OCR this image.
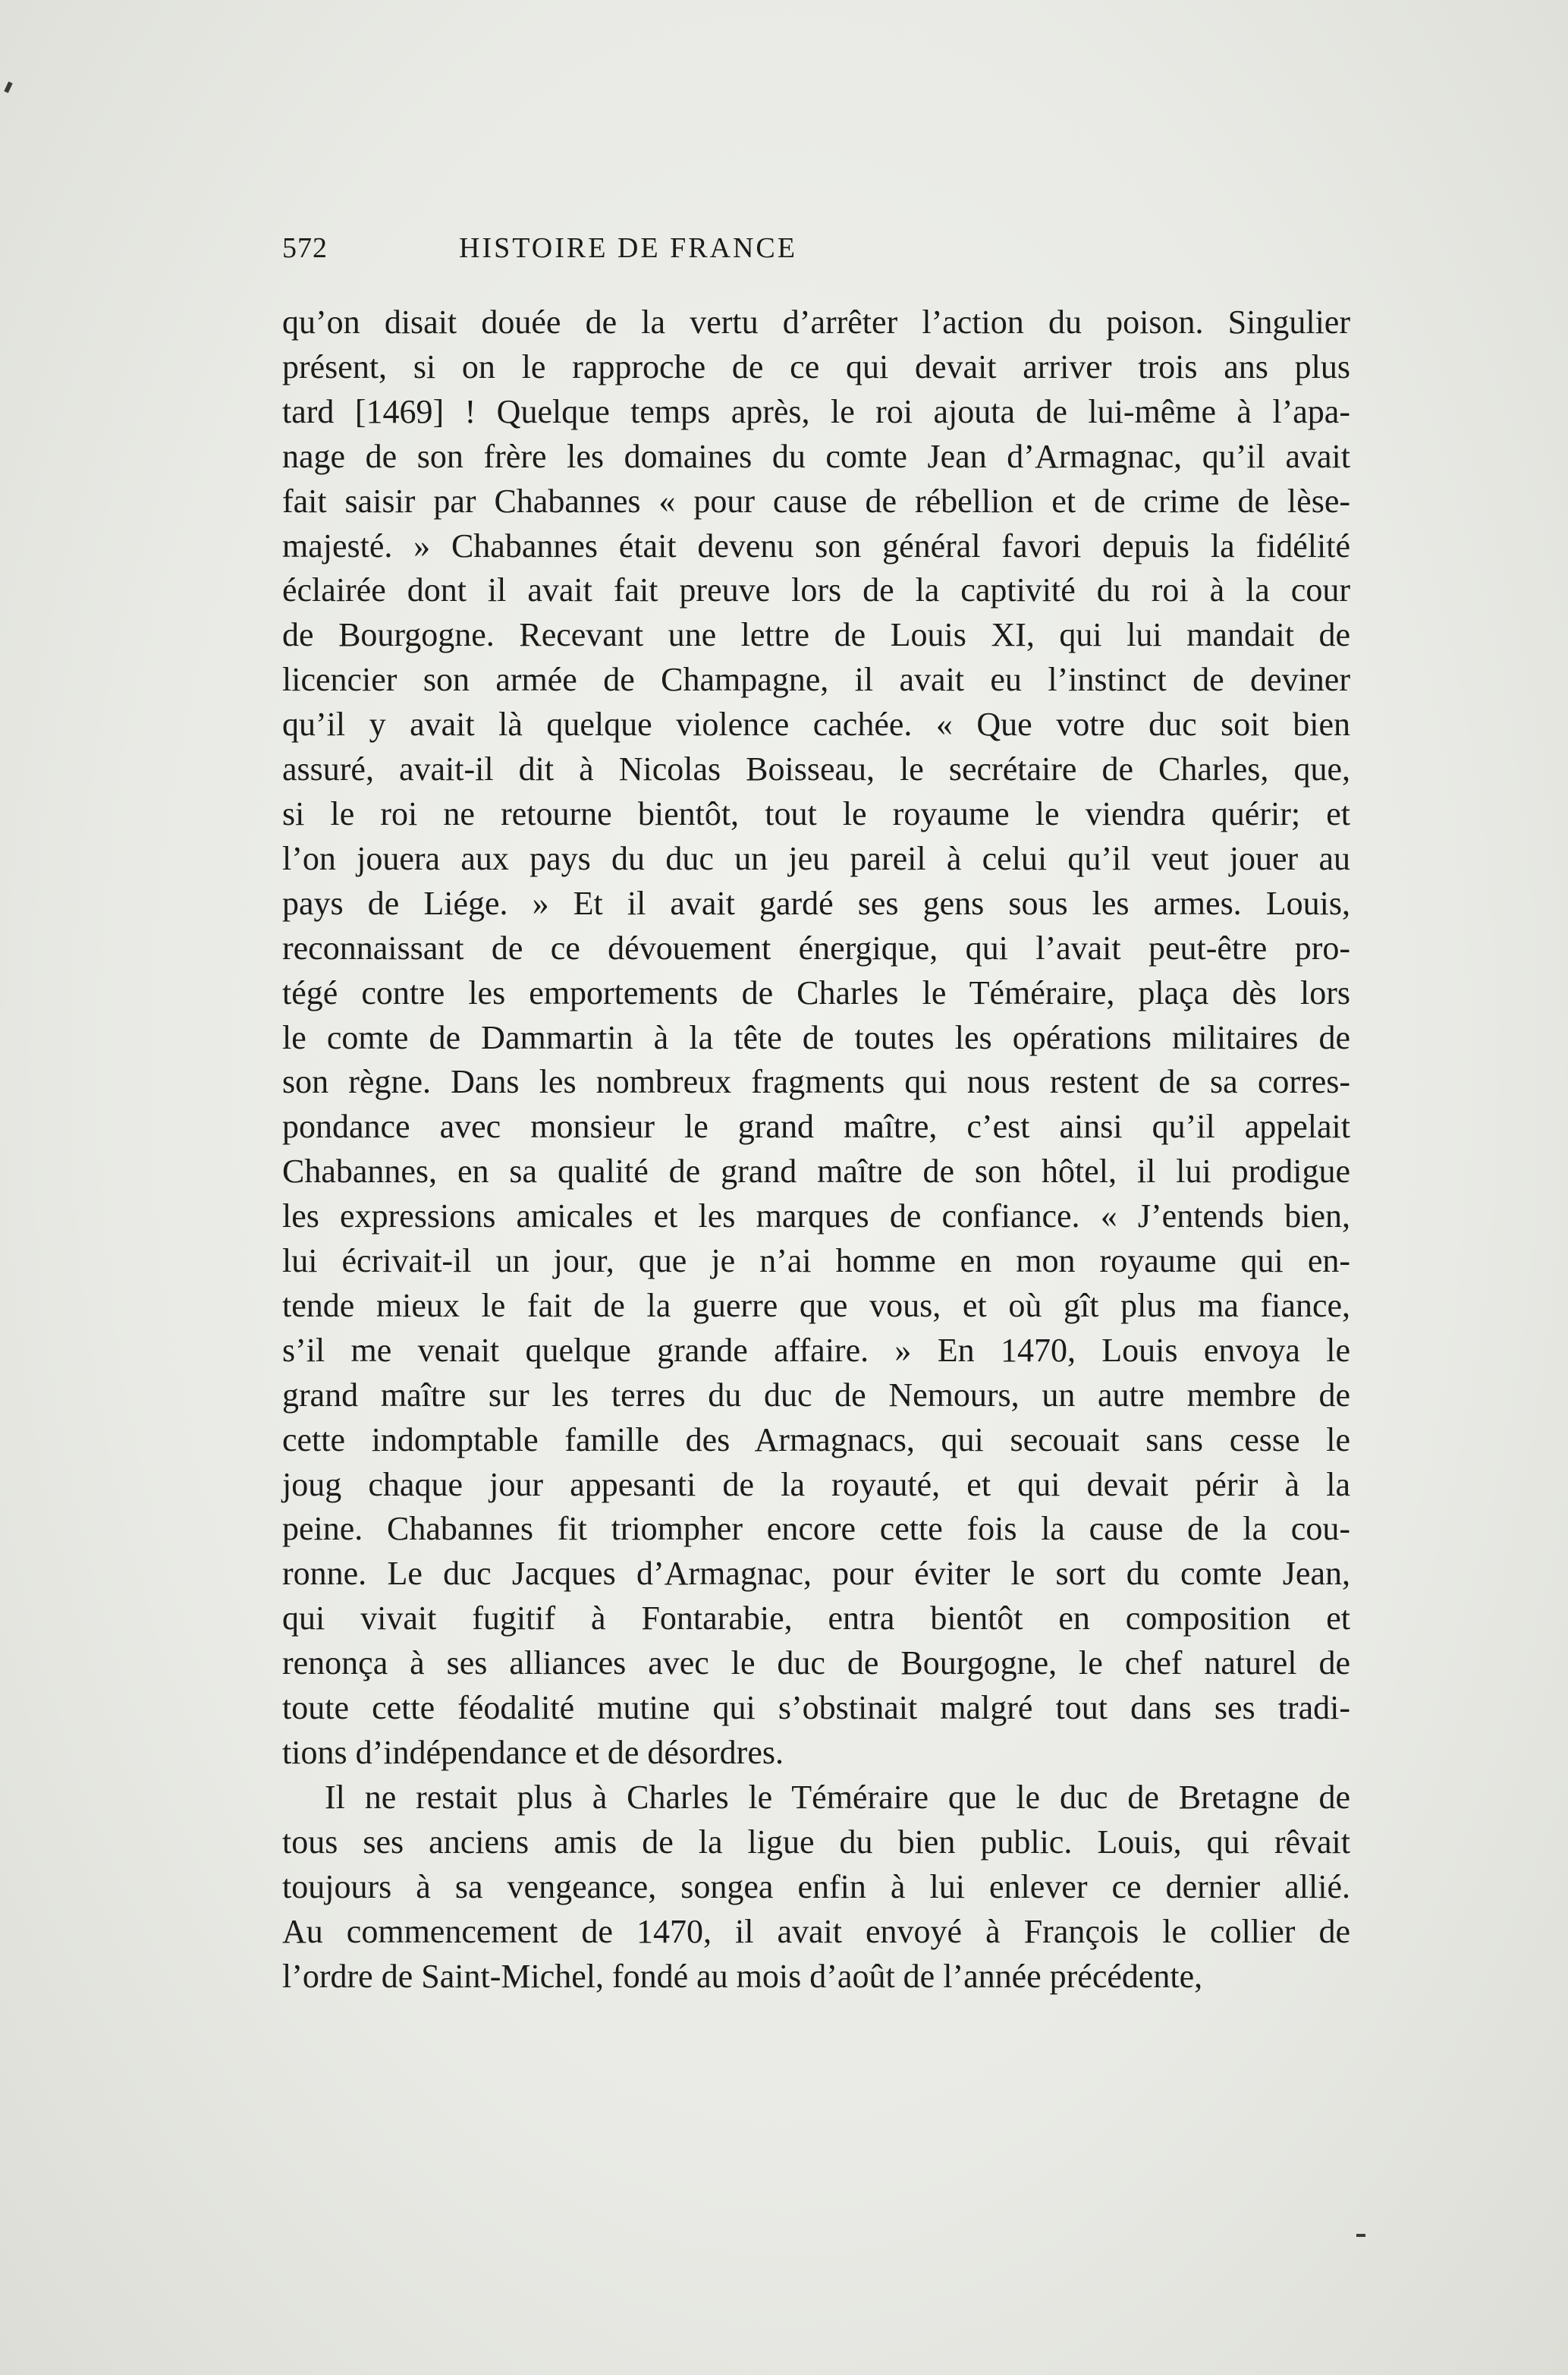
572	HISTOIRE DE FRANCE
qu’on disait douée de la vertu d’arrêter l’action du poison. Singulier
présent, si on le rapproche de ce qui devait arriver trois ans plus
tard [1469] ! Quelque temps après, le roi ajouta de lui-même à l’apa-
nage de son frère les domaines du comte Jean d’Armagnac, qu’il avait
fait saisir par Chabannes « pour cause de rébellion et de crime de lèse-
majesté. » Chabannes était devenu son général favori depuis la fidélité
éclairée dont il avait fait preuve lors de la captivité du roi à la cour
de Bourgogne. Recevant une lettre de Louis XI, qui lui mandait de
licencier son armée de Champagne, il avait eu l’instinct de deviner
qu’il y avait là quelque violence cachée. « Que votre duc soit bien
assuré, avait-il dit à Nicolas Boisseau, le secrétaire de Charles, que,
si le roi ne retourne bientôt, tout le royaume le viendra quérir; et
l’on jouera aux pays du duc un jeu pareil à celui qu’il veut jouer au
pays de Liége. » Et il avait gardé ses gens sous les armes. Louis,
reconnaissant de ce dévouement énergique, qui l’avait peut-être pro-
tégé contre les emportements de Charles le Téméraire, plaça dès lors
le comte de Dammartin à la tête de toutes les opérations militaires de
son règne. Dans les nombreux fragments qui nous restent de sa corres-
pondance avec monsieur le grand maître, c’est ainsi qu’il appelait
Chabannes, en sa qualité de grand maître de son hôtel, il lui prodigue
les expressions amicales et les marques de confiance. « J’entends bien,
lui écrivait-il un jour, que je n’ai homme en mon royaume qui en-
tende mieux le fait de la guerre que vous, et où gît plus ma fiance,
s’il me venait quelque grande affaire. » En 1470, Louis envoya le
grand maître sur les terres du duc de Nemours, un autre membre de
cette indomptable famille des Armagnacs, qui secouait sans cesse le
joug chaque jour appesanti de la royauté, et qui devait périr à la
peine. Chabannes fit triompher encore cette fois la cause de la cou-
ronne. Le duc Jacques d’Armagnac, pour éviter le sort du comte Jean,
qui vivait fugitif à Fontarabie, entra bientôt en composition et
renonça à ses alliances avec le duc de Bourgogne, le chef naturel de
toute cette féodalité mutine qui s’obstinait malgré tout dans ses tradi-
tions d’indépendance et de désordres.
Il ne restait plus à Charles le Téméraire que le duc de Bretagne de
tous ses anciens amis de la ligue du bien public. Louis, qui rêvait
toujours à sa vengeance, songea enfin à lui enlever ce dernier allié.
Au commencement de 1470, il avait envoyé à François le collier de
l’ordre de Saint-Michel, fondé au mois d’août de l’année précédente,
